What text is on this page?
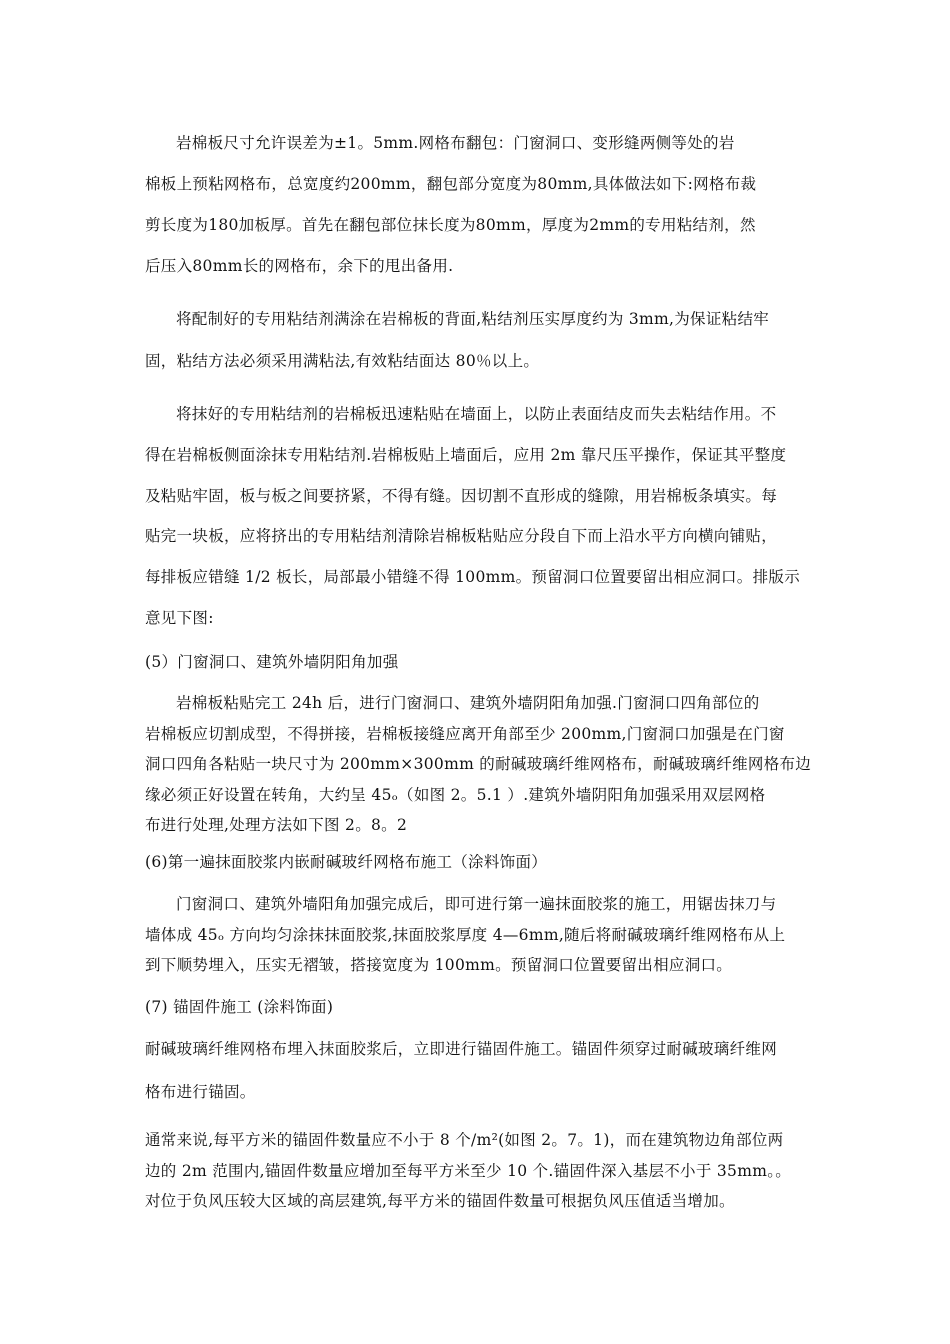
岩棉板尺寸允许误差为±1。5mm.网格布翻包：门窗洞口、变形缝两侧等处的岩
棉板上预粘网格布，总宽度约200mm，翻包部分宽度为80mm,具体做法如下:网格布裁
剪长度为180加板厚。首先在翻包部位抹长度为80mm，厚度为2mm的专用粘结剂，然
后压入80mm长的网格布，余下的甩出备用.
将配制好的专用粘结剂满涂在岩棉板的背面,粘结剂压实厚度约为 3mm,为保证粘结牢
固，粘结方法必须采用满粘法,有效粘结面达 80％以上。
将抹好的专用粘结剂的岩棉板迅速粘贴在墙面上，以防止表面结皮而失去粘结作用。不
得在岩棉板侧面涂抹专用粘结剂.岩棉板贴上墙面后，应用 2m 靠尺压平操作，保证其平整度
及粘贴牢固，板与板之间要挤紧，不得有缝。因切割不直形成的缝隙，用岩棉板条填实。每
贴完一块板，应将挤出的专用粘结剂清除岩棉板粘贴应分段自下而上沿水平方向横向铺贴，
每排板应错缝 1/2 板长，局部最小错缝不得 100mm。预留洞口位置要留出相应洞口。排版示
意见下图:
(5）门窗洞口、建筑外墙阴阳角加强
岩棉板粘贴完工 24h 后，进行门窗洞口、建筑外墙阴阳角加强.门窗洞口四角部位的
岩棉板应切割成型，不得拼接，岩棉板接缝应离开角部至少 200mm,门窗洞口加强是在门窗
洞口四角各粘贴一块尺寸为 200mm×300mm 的耐碱玻璃纤维网格布，耐碱玻璃纤维网格布边
缘必须正好设置在转角，大约呈 45ₒ（如图 2。5.1 ）.建筑外墙阴阳角加强采用双层网格
布进行处理,处理方法如下图 2。8。2
(6)第一遍抹面胶浆内嵌耐碱玻纤网格布施工（涂料饰面）
门窗洞口、建筑外墙阳角加强完成后，即可进行第一遍抹面胶浆的施工，用锯齿抹刀与
墙体成 45ₒ 方向均匀涂抹抹面胶浆,抹面胶浆厚度 4—6mm,随后将耐碱玻璃纤维网格布从上
到下顺势埋入，压实无褶皱，搭接宽度为 100mm。预留洞口位置要留出相应洞口。
(7) 锚固件施工 (涂料饰面)
耐碱玻璃纤维网格布埋入抹面胶浆后，立即进行锚固件施工。锚固件须穿过耐碱玻璃纤维网
格布进行锚固。
通常来说,每平方米的锚固件数量应不小于 8 个/m²(如图 2。7。1)，而在建筑物边角部位两
边的 2m 范围内,锚固件数量应增加至每平方米至少 10 个.锚固件深入基层不小于 35mm。。
对位于负风压较大区域的高层建筑,每平方米的锚固件数量可根据负风压值适当增加。
